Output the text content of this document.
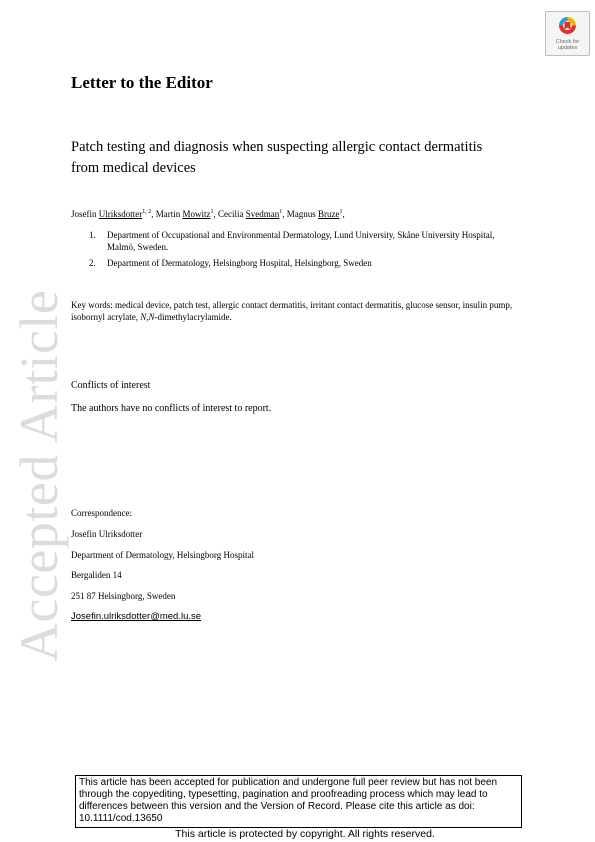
Accepted Article
Check for updates
Letter to the Editor
Patch testing and diagnosis when suspecting allergic contact dermatitis from medical devices
Josefin Ulriksdotter$^{1, 2}$, Martin Mowitz$^1$, Cecilia Svedman$^1$, Magnus Bruze$^1$,
1.	Department of Occupational and Environmental Dermatology, Lund University, Skåne University Hospital, Malmö, Sweden.
2.	Department of Dermatology, Helsingborg Hospital, Helsingborg, Sweden
Key words: medical device, patch test, allergic contact dermatitis, irritant contact dermatitis, glucose sensor, insulin pump, isobornyl acrylate, N,N-dimethylacrylamide.
Conflicts of interest
The authors have no conflicts of interest to report.
Correspondence:
Josefin Ulriksdotter
Department of Dermatology, Helsingborg Hospital
Bergaliden 14
251 87 Helsingborg, Sweden
Josefin.ulriksdotter@med.lu.se
This article has been accepted for publication and undergone full peer review but has not been through the copyediting, typesetting, pagination and proofreading process which may lead to differences between this version and the Version of Record. Please cite this article as doi: 10.1111/cod.13650
This article is protected by copyright. All rights reserved.
